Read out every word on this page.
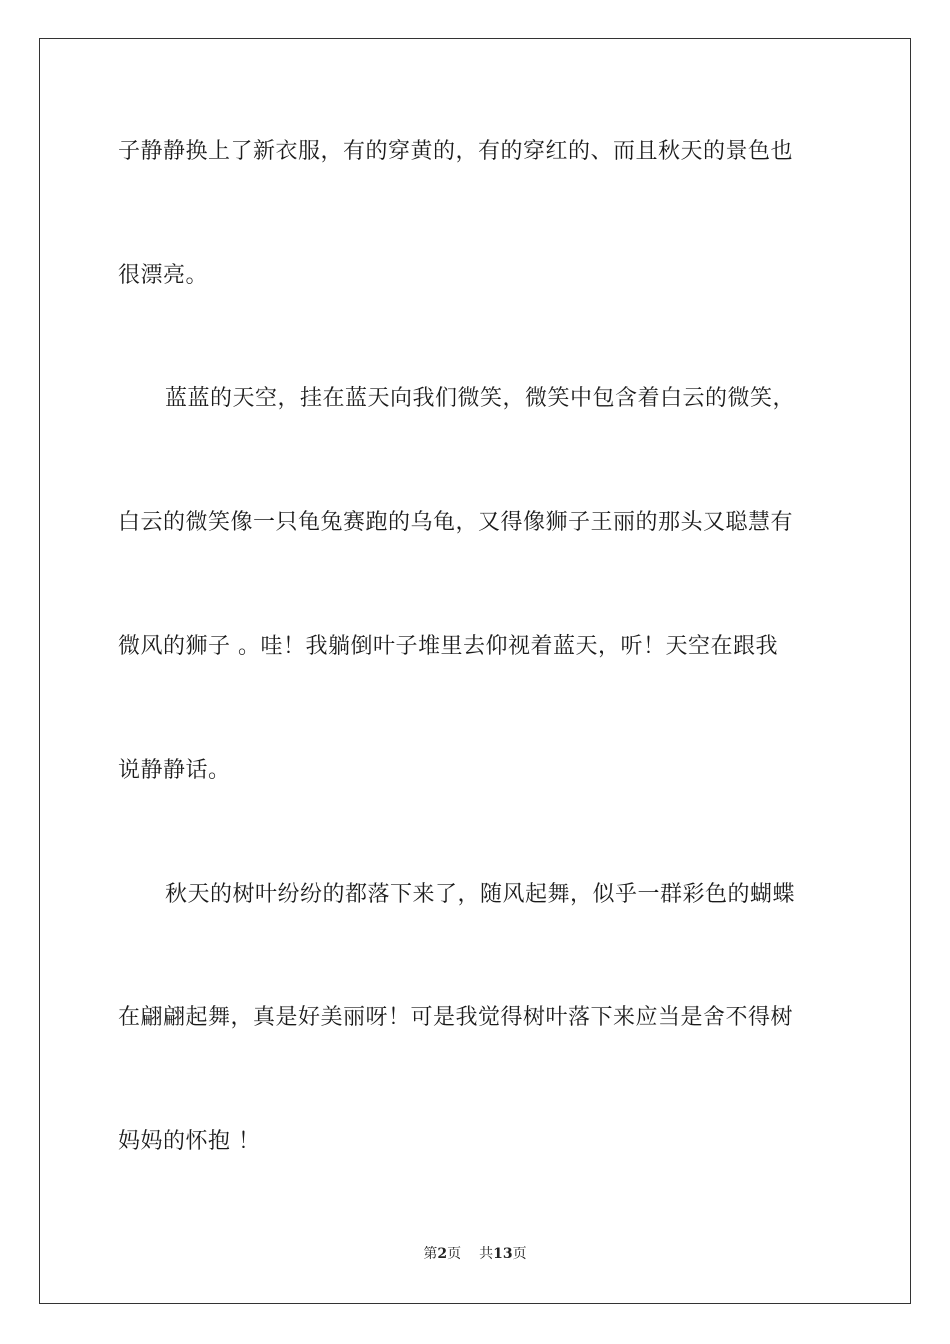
子静静换上了新衣服，有的穿黄的，有的穿红的、而且秋天的景色也
很漂亮。
蓝蓝的天空，挂在蓝天向我们微笑，微笑中包含着白云的微笑，
白云的微笑像一只龟兔赛跑的乌龟，又得像狮子王丽的那头又聪慧有
微风的狮子 。哇！我躺倒叶子堆里去仰视着蓝天，听！天空在跟我
说静静话。
秋天的树叶纷纷的都落下来了，随风起舞，似乎一群彩色的蝴蝶
在翩翩起舞，真是好美丽呀！可是我觉得树叶落下来应当是舍不得树
妈妈的怀抱 ！
第2页 共13页
